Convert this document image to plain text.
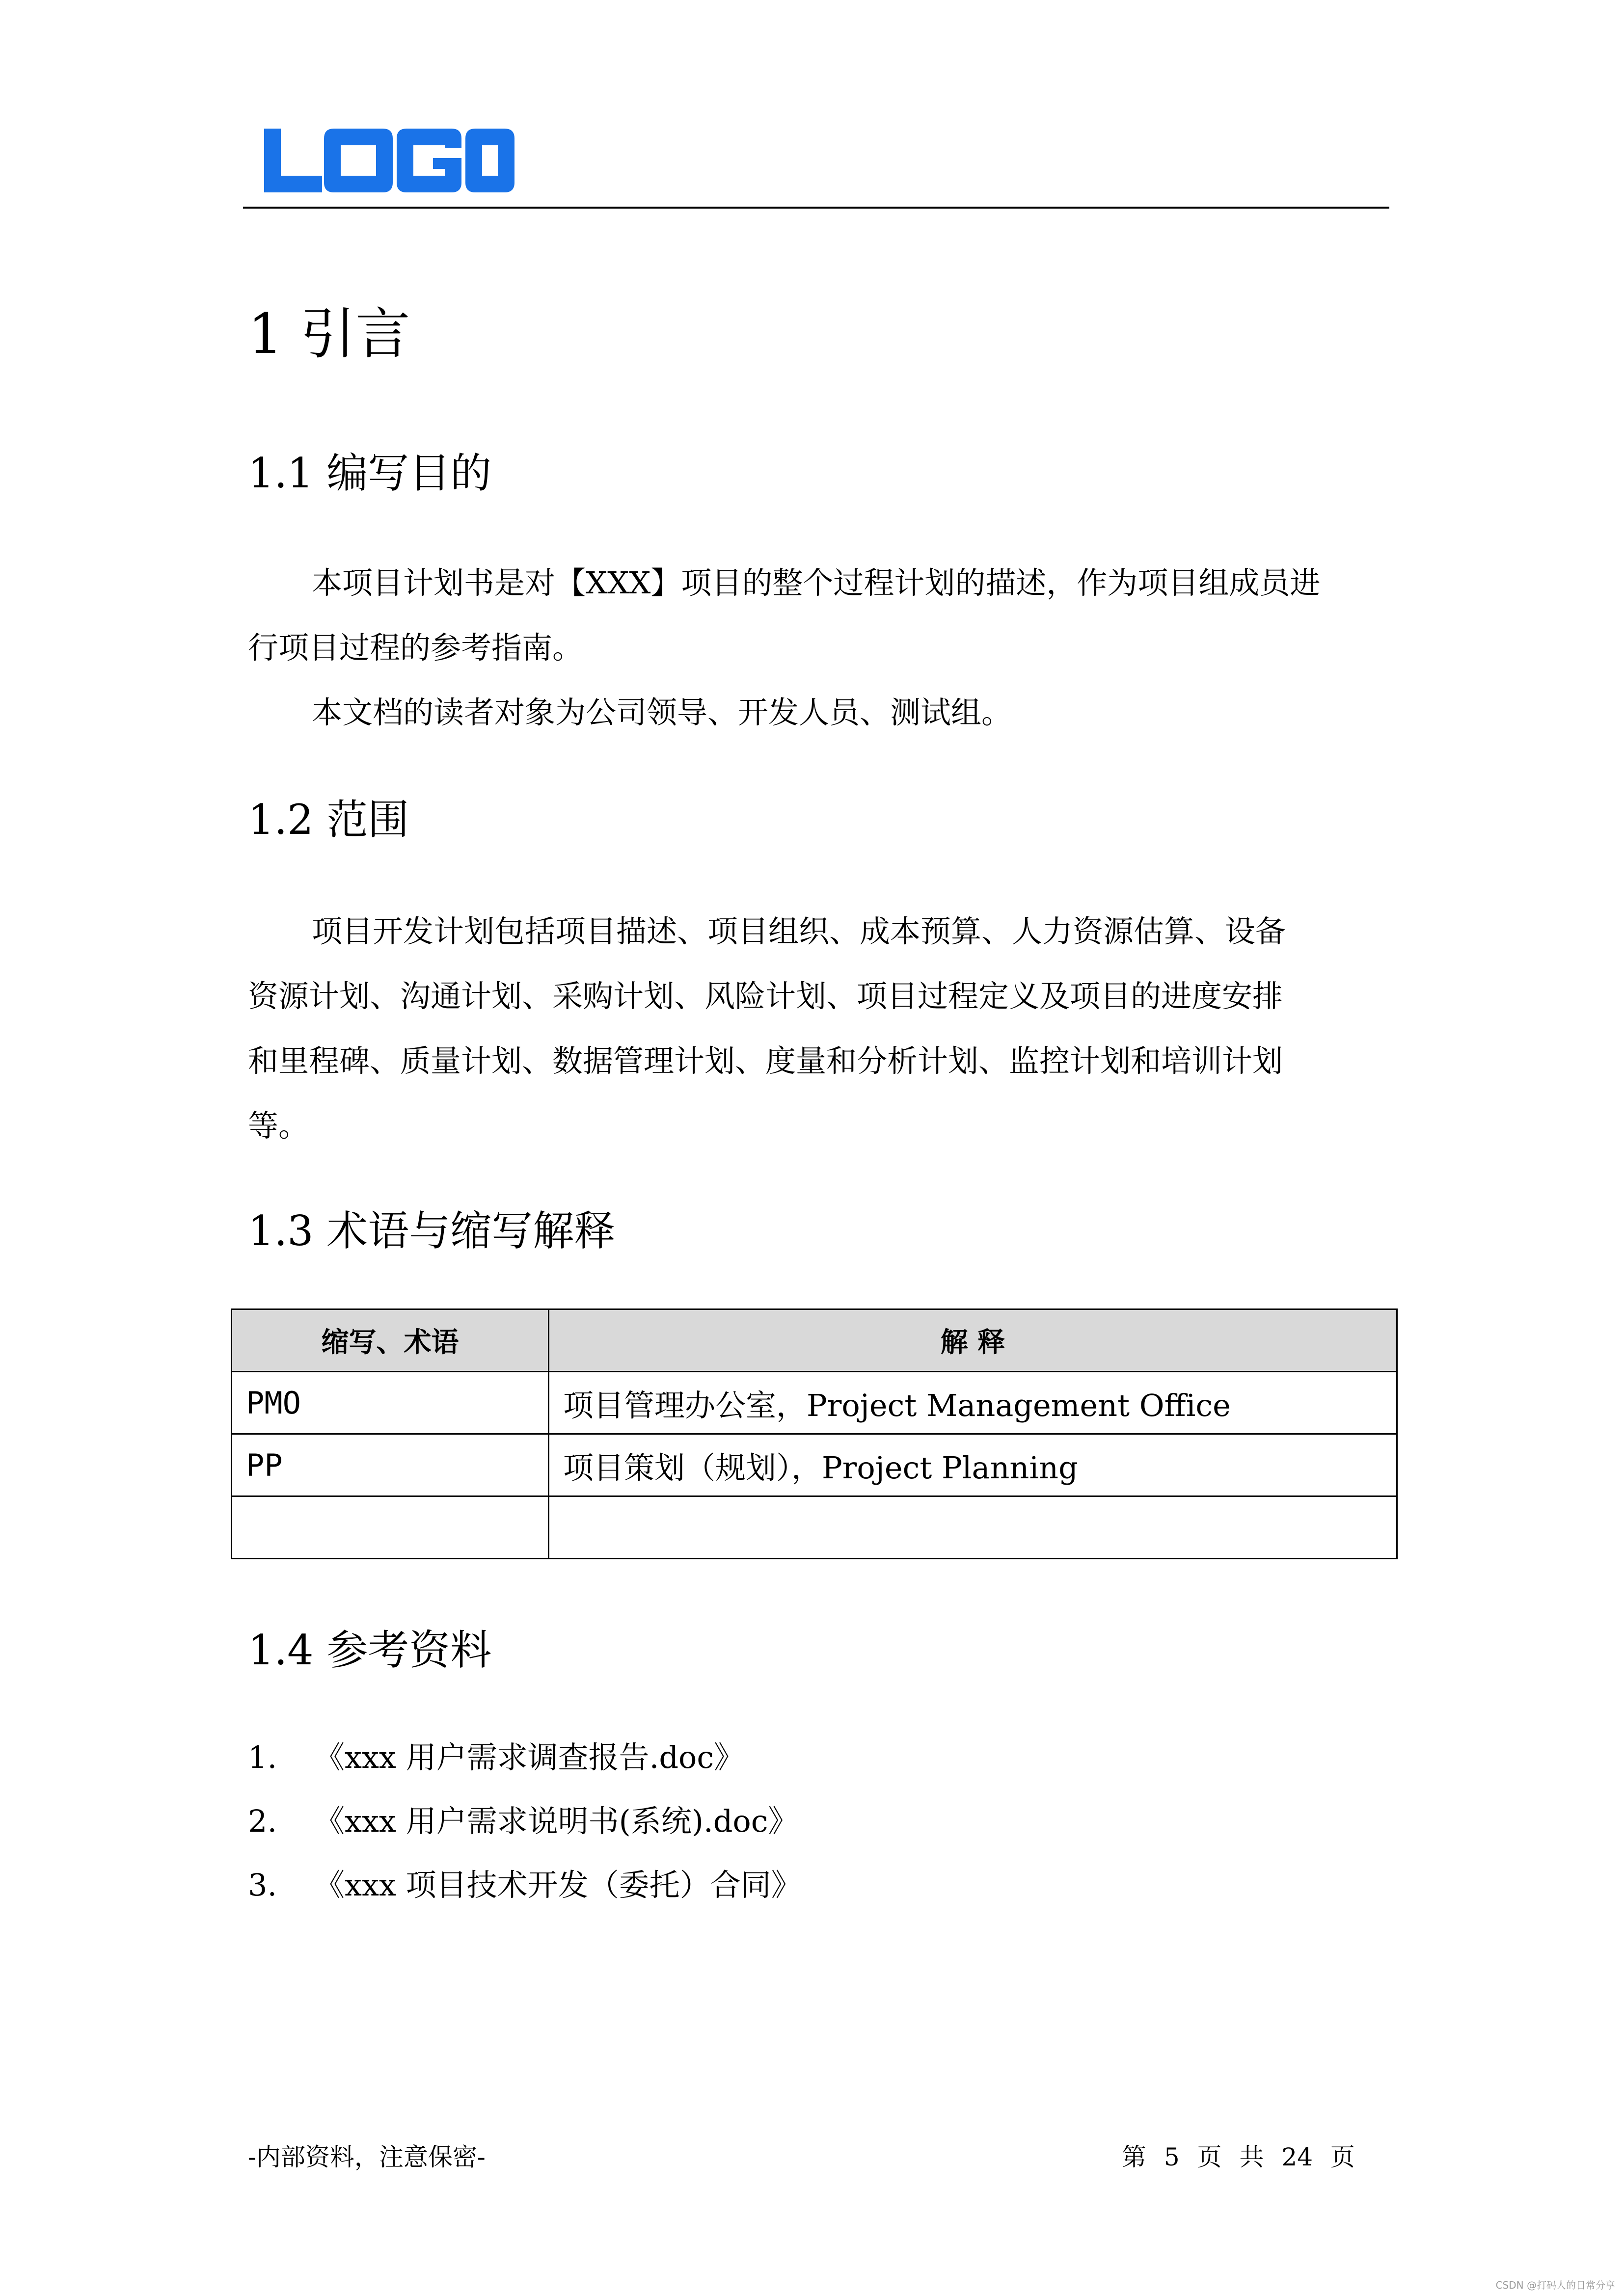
1 引言
1.1 编写目的
本项目计划书是对【XXX】项目的整个过程计划的描述，作为项目组成员进
行项目过程的参考指南。
本文档的读者对象为公司领导、开发人员、测试组。
1.2 范围
项目开发计划包括项目描述、项目组织、成本预算、人力资源估算、设备
资源计划、沟通计划、采购计划、风险计划、项目过程定义及项目的进度安排
和里程碑、质量计划、数据管理计划、度量和分析计划、监控计划和培训计划
等。
1.3 术语与缩写解释
缩写、术语	解 释
PMO	项目管理办公室，Project Management Office
PP	项目策划（规划），Project Planning

1.4 参考资料
1. 《xxx 用户需求调查报告.doc》
2. 《xxx 用户需求说明书(系统).doc》
3. 《xxx 项目技术开发（委托）合同》
-内部资料，注意保密-	第 5 页 共 24 页
CSDN @打码人的日常分享
